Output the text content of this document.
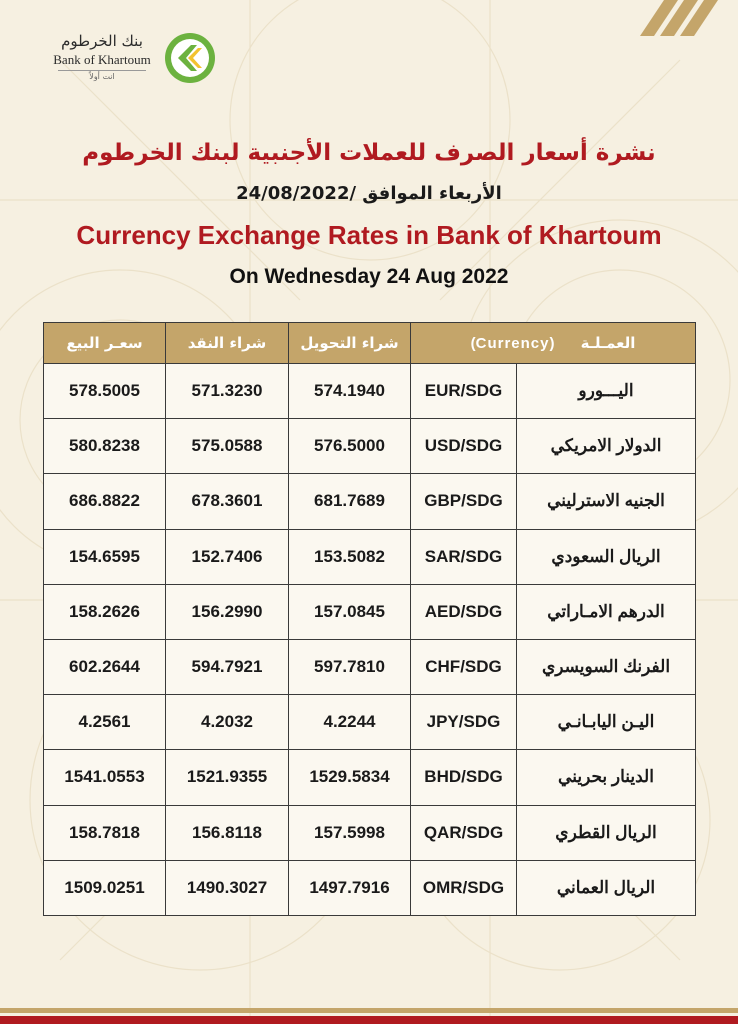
بنك الخرطوم
Bank of Khartoum
انت أولاً
نشرة أسعار الصرف للعملات الأجنبية لبنك الخرطوم
الأربعاء الموافق /24/08/2022
Currency Exchange Rates in Bank of Khartoum
On Wednesday 24 Aug 2022
سعـر البيع	شراء النقد	شراء التحويل	العمـلـة     (Currency)	
578.5005	571.3230	574.1940	EUR/SDG	اليـــورو
580.8238	575.0588	576.5000	USD/SDG	الدولار الامريكي
686.8822	678.3601	681.7689	GBP/SDG	الجنيه الاسترليني
154.6595	152.7406	153.5082	SAR/SDG	الريال السعودي
158.2626	156.2990	157.0845	AED/SDG	الدرهم الامـاراتي
602.2644	594.7921	597.7810	CHF/SDG	الفرنك السويسري
4.2561	4.2032	4.2244	JPY/SDG	اليـن اليابـانـي
1541.0553	1521.9355	1529.5834	BHD/SDG	الدينار بحريني
158.7818	156.8118	157.5998	QAR/SDG	الريال القطري
1509.0251	1490.3027	1497.7916	OMR/SDG	الريال العماني
